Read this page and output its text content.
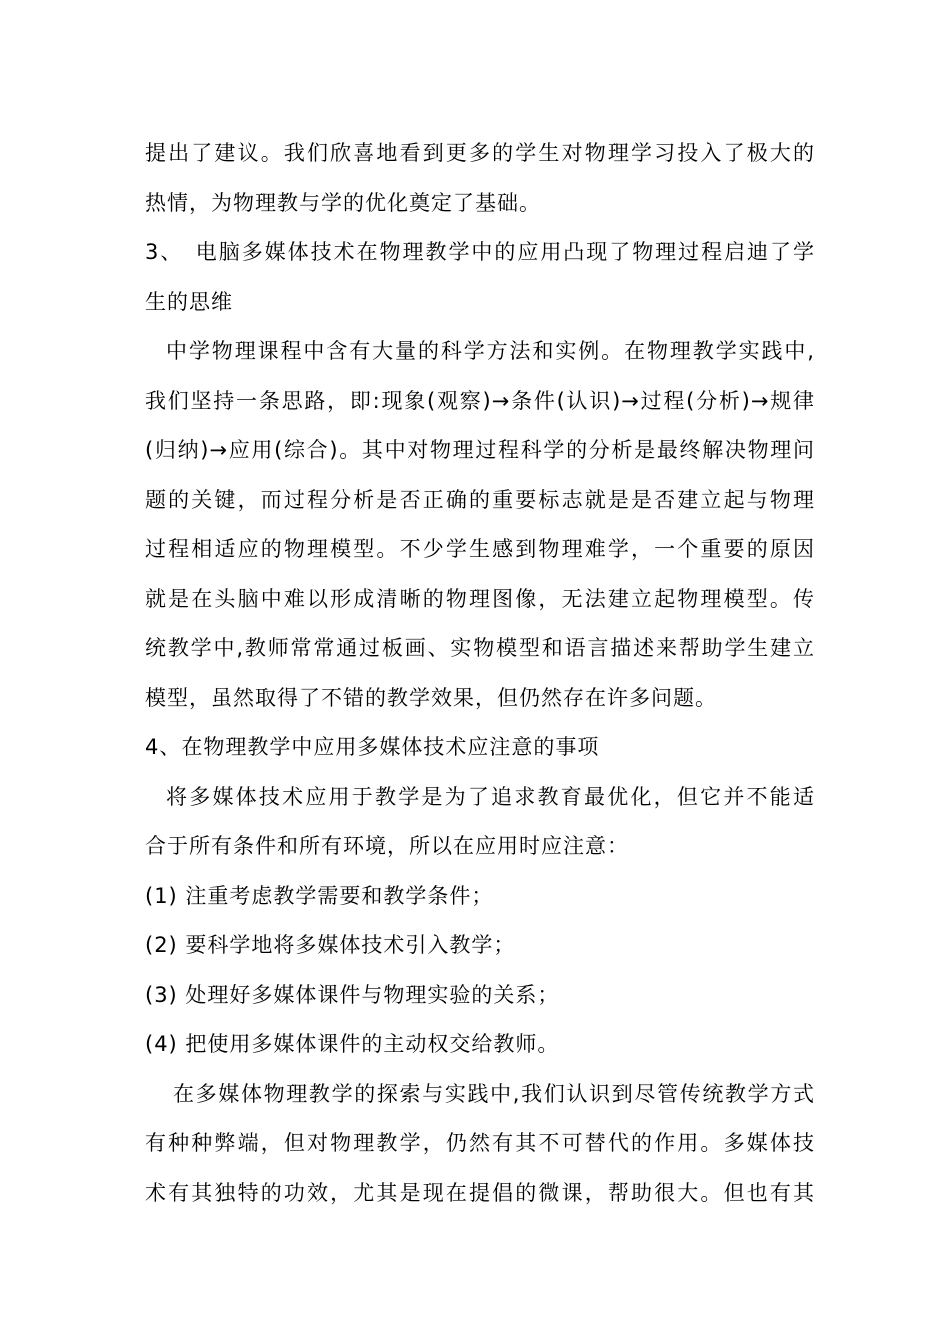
提出了建议。我们欣喜地看到更多的学生对物理学习投入了极大的
热情，为物理教与学的优化奠定了基础。
3、　电脑多媒体技术在物理教学中的应用凸现了物理过程启迪了学
生的思维
中学物理课程中含有大量的科学方法和实例。在物理教学实践中,
我们坚持一条思路，即:现象(观察)→条件(认识)→过程(分析)→规律
(归纳)→应用(综合)。其中对物理过程科学的分析是最终解决物理问
题的关键，而过程分析是否正确的重要标志就是是否建立起与物理
过程相适应的物理模型。不少学生感到物理难学，一个重要的原因
就是在头脑中难以形成清晰的物理图像，无法建立起物理模型。传
统教学中,教师常常通过板画、实物模型和语言描述来帮助学生建立
模型，虽然取得了不错的教学效果，但仍然存在许多问题。
4、在物理教学中应用多媒体技术应注意的事项
将多媒体技术应用于教学是为了追求教育最优化，但它并不能适
合于所有条件和所有环境，所以在应用时应注意：
(1) 注重考虑教学需要和教学条件；
(2) 要科学地将多媒体技术引入教学；
(3) 处理好多媒体课件与物理实验的关系；
(4) 把使用多媒体课件的主动权交给教师。
在多媒体物理教学的探索与实践中,我们认识到尽管传统教学方式
有种种弊端，但对物理教学，仍然有其不可替代的作用。多媒体技
术有其独特的功效，尤其是现在提倡的微课，帮助很大。但也有其
